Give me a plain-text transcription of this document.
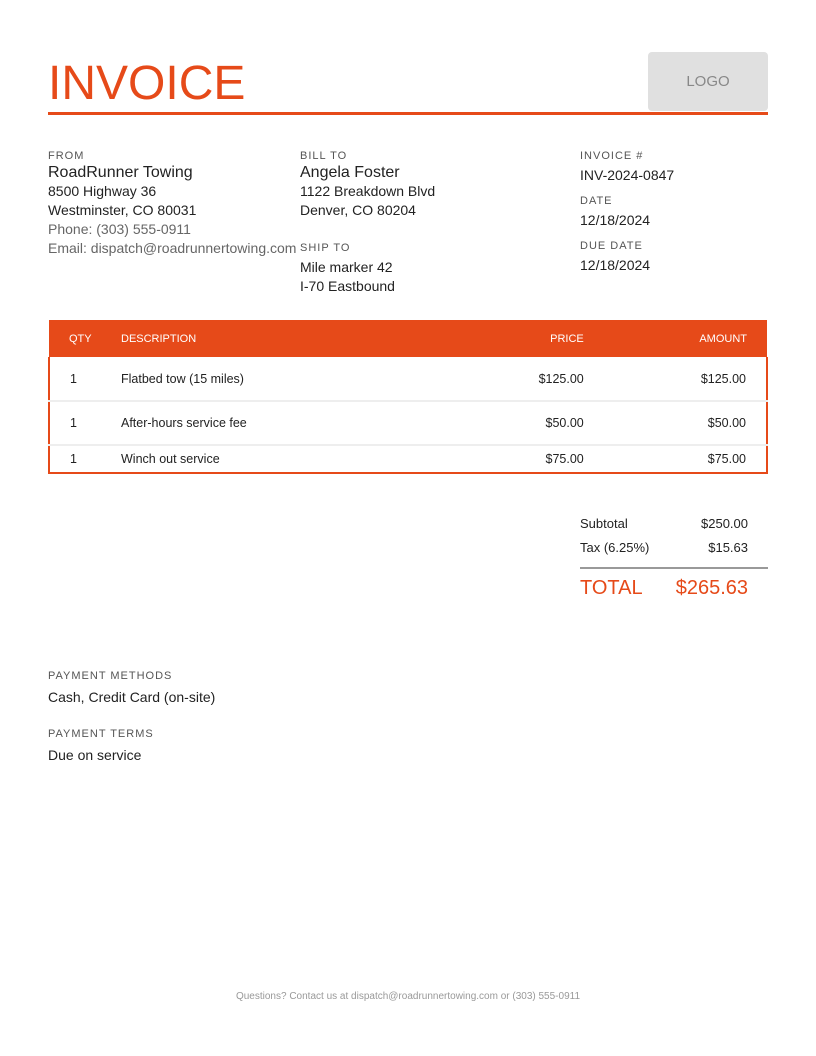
INVOICE	LOGO
FROM
RoadRunner Towing
8500 Highway 36
Westminster, CO 80031
Phone: (303) 555-0911
Email: dispatch@roadrunnertowing.com
BILL TO
Angela Foster
1122 Breakdown Blvd
Denver, CO 80204
SHIP TO
Mile marker 42
I-70 Eastbound
INVOICE #
INV-2024-0847
DATE
12/18/2024
DUE DATE
12/18/2024
QTY	DESCRIPTION	PRICE	AMOUNT
1	Flatbed tow (15 miles)	$125.00	$125.00
1	After-hours service fee	$50.00	$50.00
1	Winch out service	$75.00	$75.00
Subtotal	$250.00
Tax (6.25%)	$15.63
TOTAL $265.63
PAYMENT METHODS
Cash, Credit Card (on-site)
PAYMENT TERMS
Due on service
Questions? Contact us at dispatch@roadrunnertowing.com or (303) 555-0911
